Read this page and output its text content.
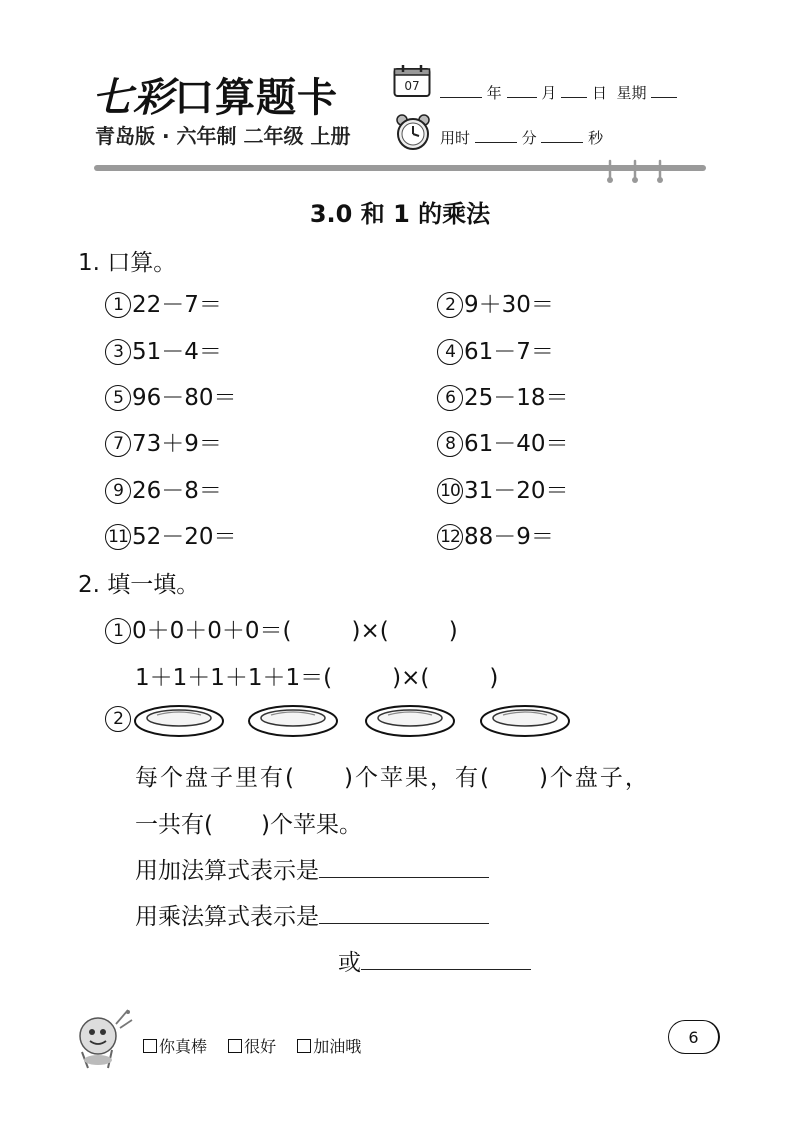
七彩口算题卡
青岛版 · 六年制 二年级 上册
07	年	月 日 星期
用时	分	秒
3.0 和 1 的乘法
1. 口算。
1 22－7＝	2 9＋30＝
3 51－4＝	4 61－7＝
5 96－80＝	6 25－18＝
7 73＋9＝	8 61－40＝
9 26－8＝	10 31－20＝
11 52－20＝	12 88－9＝
2. 填一填。
1 0＋0＋0＋0＝(	)×(	)
1＋1＋1＋1＋1＝(	)×(	)
2
每个盘子里有( )个苹果，有( )个盘子，
一共有( )个苹果。
用加法算式表示是
用乘法算式表示是
或
你真棒 很好 加油哦	6
